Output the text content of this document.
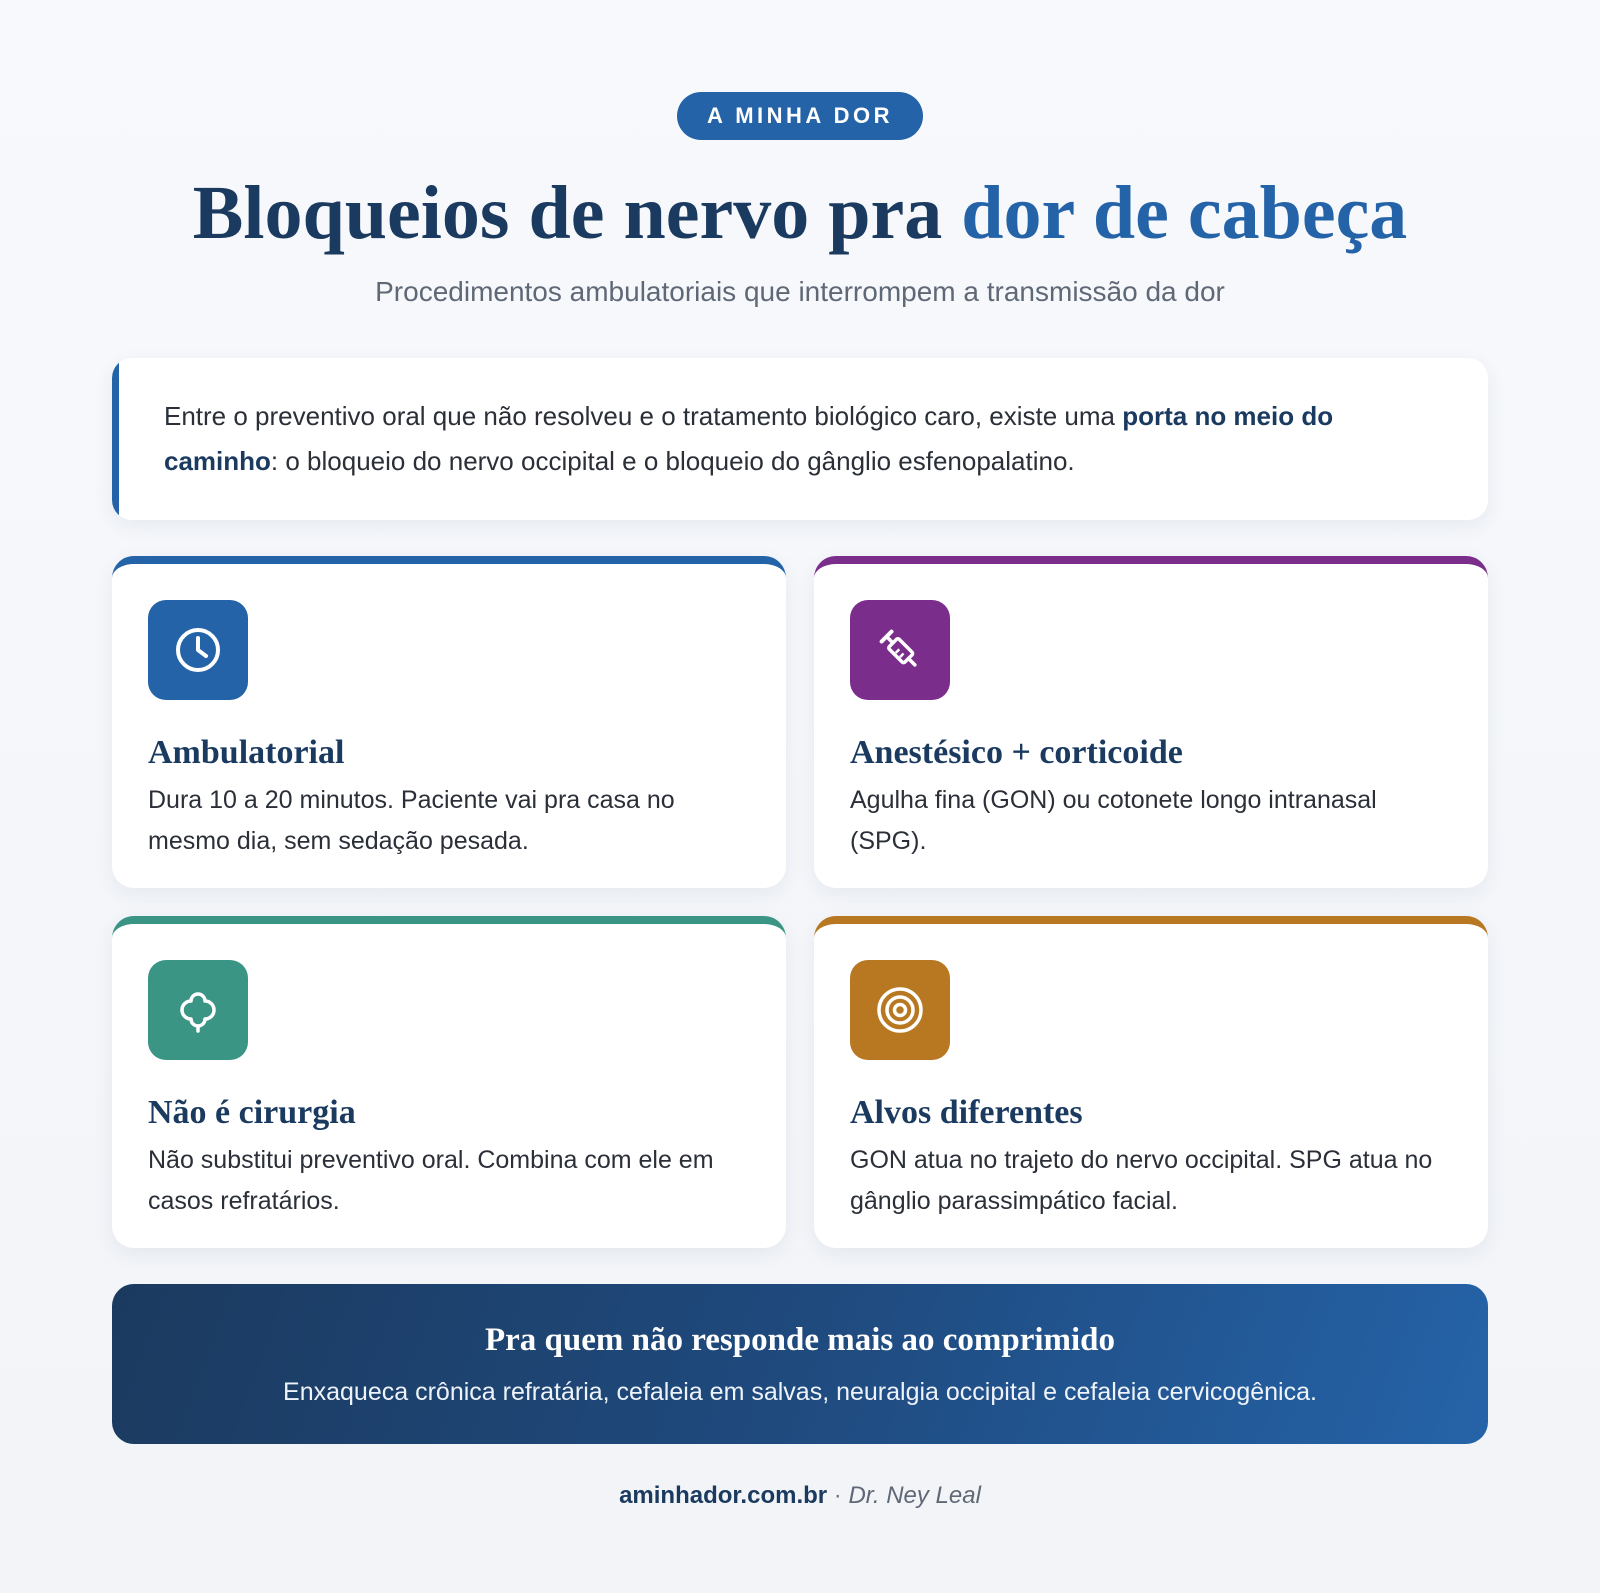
A MINHA DOR
Bloqueios de nervo pra dor de cabeça
Procedimentos ambulatoriais que interrompem a transmissão da dor

Entre o preventivo oral que não resolveu e o tratamento biológico caro, existe uma porta no meio do caminho: o bloqueio do nervo occipital e o bloqueio do gânglio esfenopalatino.

Ambulatorial

Dura 10 a 20 minutos. Paciente vai pra casa no mesmo dia, sem sedação pesada.

Anestésico + corticoide

Agulha fina (GON) ou cotonete longo intranasal (SPG).

Não é cirurgia

Não substitui preventivo oral. Combina com ele em casos refratários.

Alvos diferentes

GON atua no trajeto do nervo occipital. SPG atua no gânglio parassimpático facial.

Pra quem não responde mais ao comprimido

Enxaqueca crônica refratária, cefaleia em salvas, neuralgia occipital e cefaleia cervicogênica.

aminhador.com.br · Dr. Ney Leal
